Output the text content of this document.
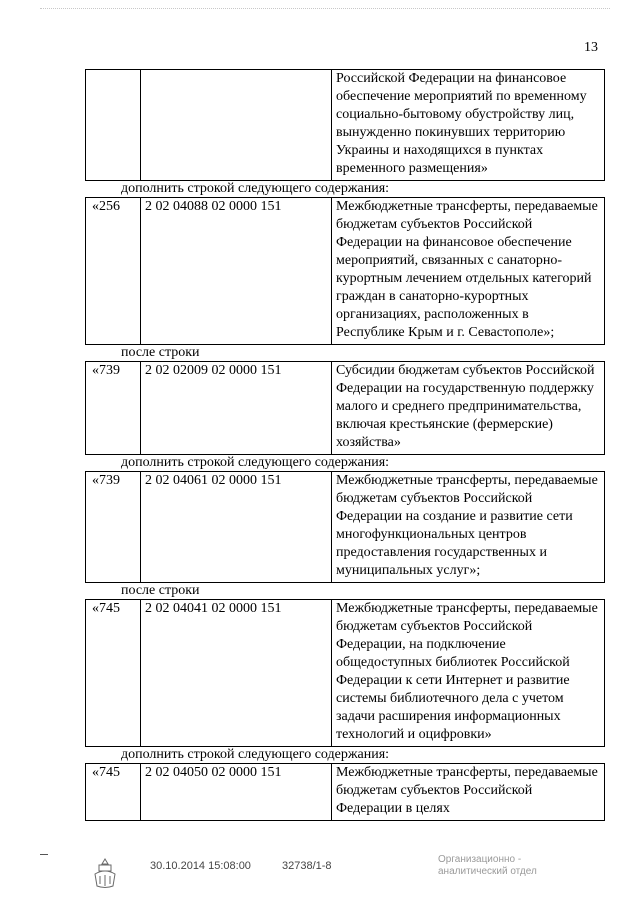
13
		Российской Федерации на финансовое обеспечение мероприятий по временному социально-бытовому обустройству лиц, вынужденно покинувших территорию Украины и находящихся в пунктах временного размещения»
дополнить строкой следующего содержания:
«256	2 02 04088 02 0000 151	Межбюджетные трансферты, передаваемые бюджетам субъектов Российской Федерации на финансовое обеспечение мероприятий, связанных с санаторно-курортным лечением отдельных категорий граждан в санаторно-курортных организациях, расположенных в Республике Крым и г. Севастополе»;
после строки
«739	2 02 02009 02 0000 151	Субсидии бюджетам субъектов Российской Федерации на государственную поддержку малого и среднего предпринимательства, включая крестьянские (фермерские) хозяйства»
дополнить строкой следующего содержания:
«739	2 02 04061 02 0000 151	Межбюджетные трансферты, передаваемые бюджетам субъектов Российской Федерации на создание и развитие сети многофункциональных центров предоставления государственных и муниципальных услуг»;
после строки
«745	2 02 04041 02 0000 151	Межбюджетные трансферты, передаваемые бюджетам субъектов Российской Федерации, на подключение общедоступных библиотек Российской Федерации к сети Интернет и развитие системы библиотечного дела с учетом задачи расширения информационных технологий и оцифровки»
дополнить строкой следующего содержания:
«745	2 02 04050 02 0000 151	Межбюджетные трансферты, передаваемые бюджетам субъектов Российской Федерации в целях
30.10.2014 15:08:00	32738/1-8
Организационно -
аналитический отдел
